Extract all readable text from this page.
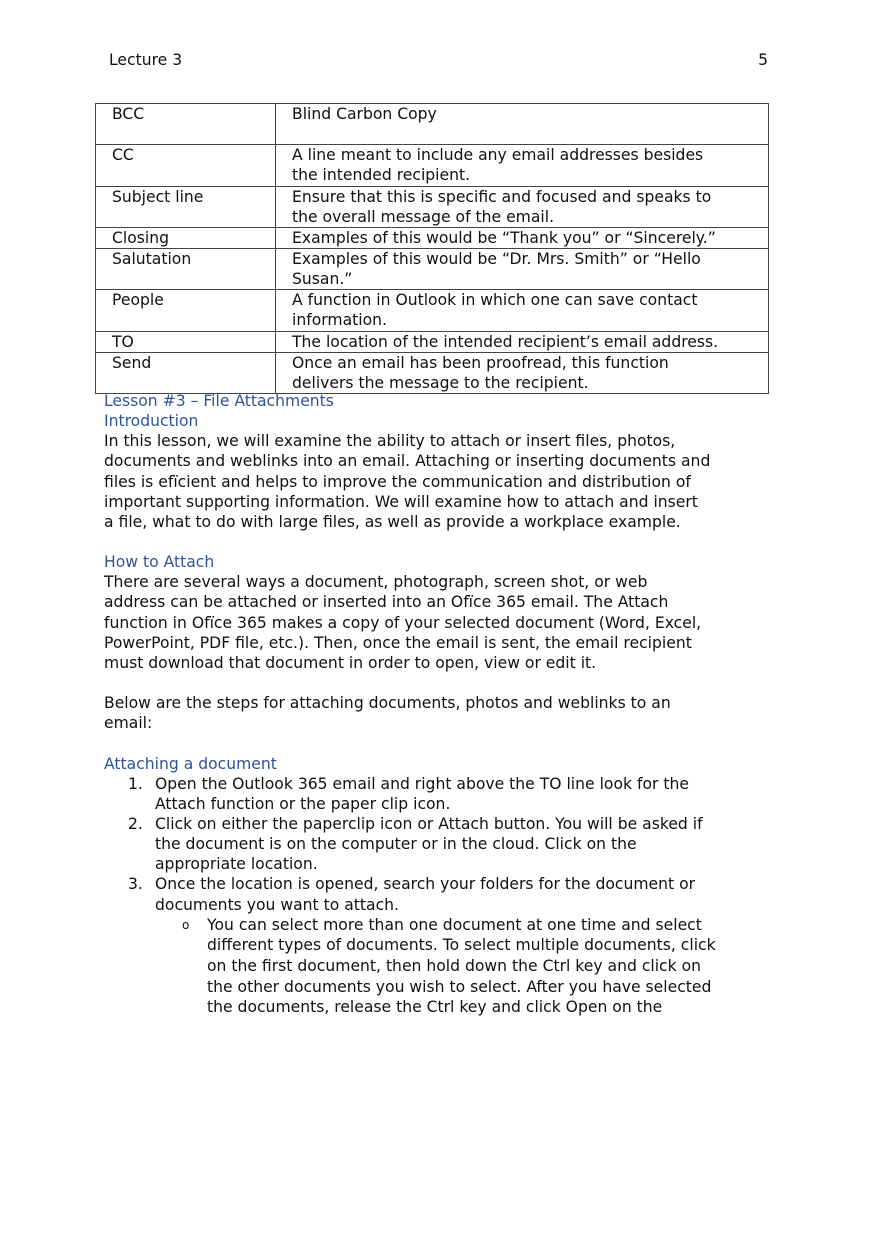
Lecture 3	5
BCC	Blind Carbon Copy

CC	A line meant to include any email addresses besides
the intended recipient.

Subject line	Ensure that this is specific and focused and speaks to
the overall message of the email.

Closing	Examples of this would be “Thank you” or “Sincerely.”

Salutation	Examples of this would be “Dr. Mrs. Smith” or “Hello
Susan.”

People	A function in Outlook in which one can save contact
information.

TO	The location of the intended recipient’s email address.

Send	Once an email has been proofread, this function
delivers the message to the recipient.
Lesson #3 – File Attachments
Introduction
In this lesson, we will examine the ability to attach or insert files, photos,
documents and weblinks into an email. Attaching or inserting documents and
files is efïcient and helps to improve the communication and distribution of
important supporting information. We will examine how to attach and insert
a file, what to do with large files, as well as provide a workplace example.
How to Attach
There are several ways a document, photograph, screen shot, or web
address can be attached or inserted into an Ofïce 365 email. The Attach
function in Ofïce 365 makes a copy of your selected document (Word, Excel,
PowerPoint, PDF file, etc.). Then, once the email is sent, the email recipient
must download that document in order to open, view or edit it.
Below are the steps for attaching documents, photos and weblinks to an
email:
Attaching a document
1. Open the Outlook 365 email and right above the TO line look for the
Attach function or the paper clip icon.
2. Click on either the paperclip icon or Attach button. You will be asked if
the document is on the computer or in the cloud. Click on the
appropriate location.
3. Once the location is opened, search your folders for the document or
documents you want to attach.
o You can select more than one document at one time and select
different types of documents. To select multiple documents, click
on the first document, then hold down the Ctrl key and click on
the other documents you wish to select. After you have selected
the documents, release the Ctrl key and click Open on the
